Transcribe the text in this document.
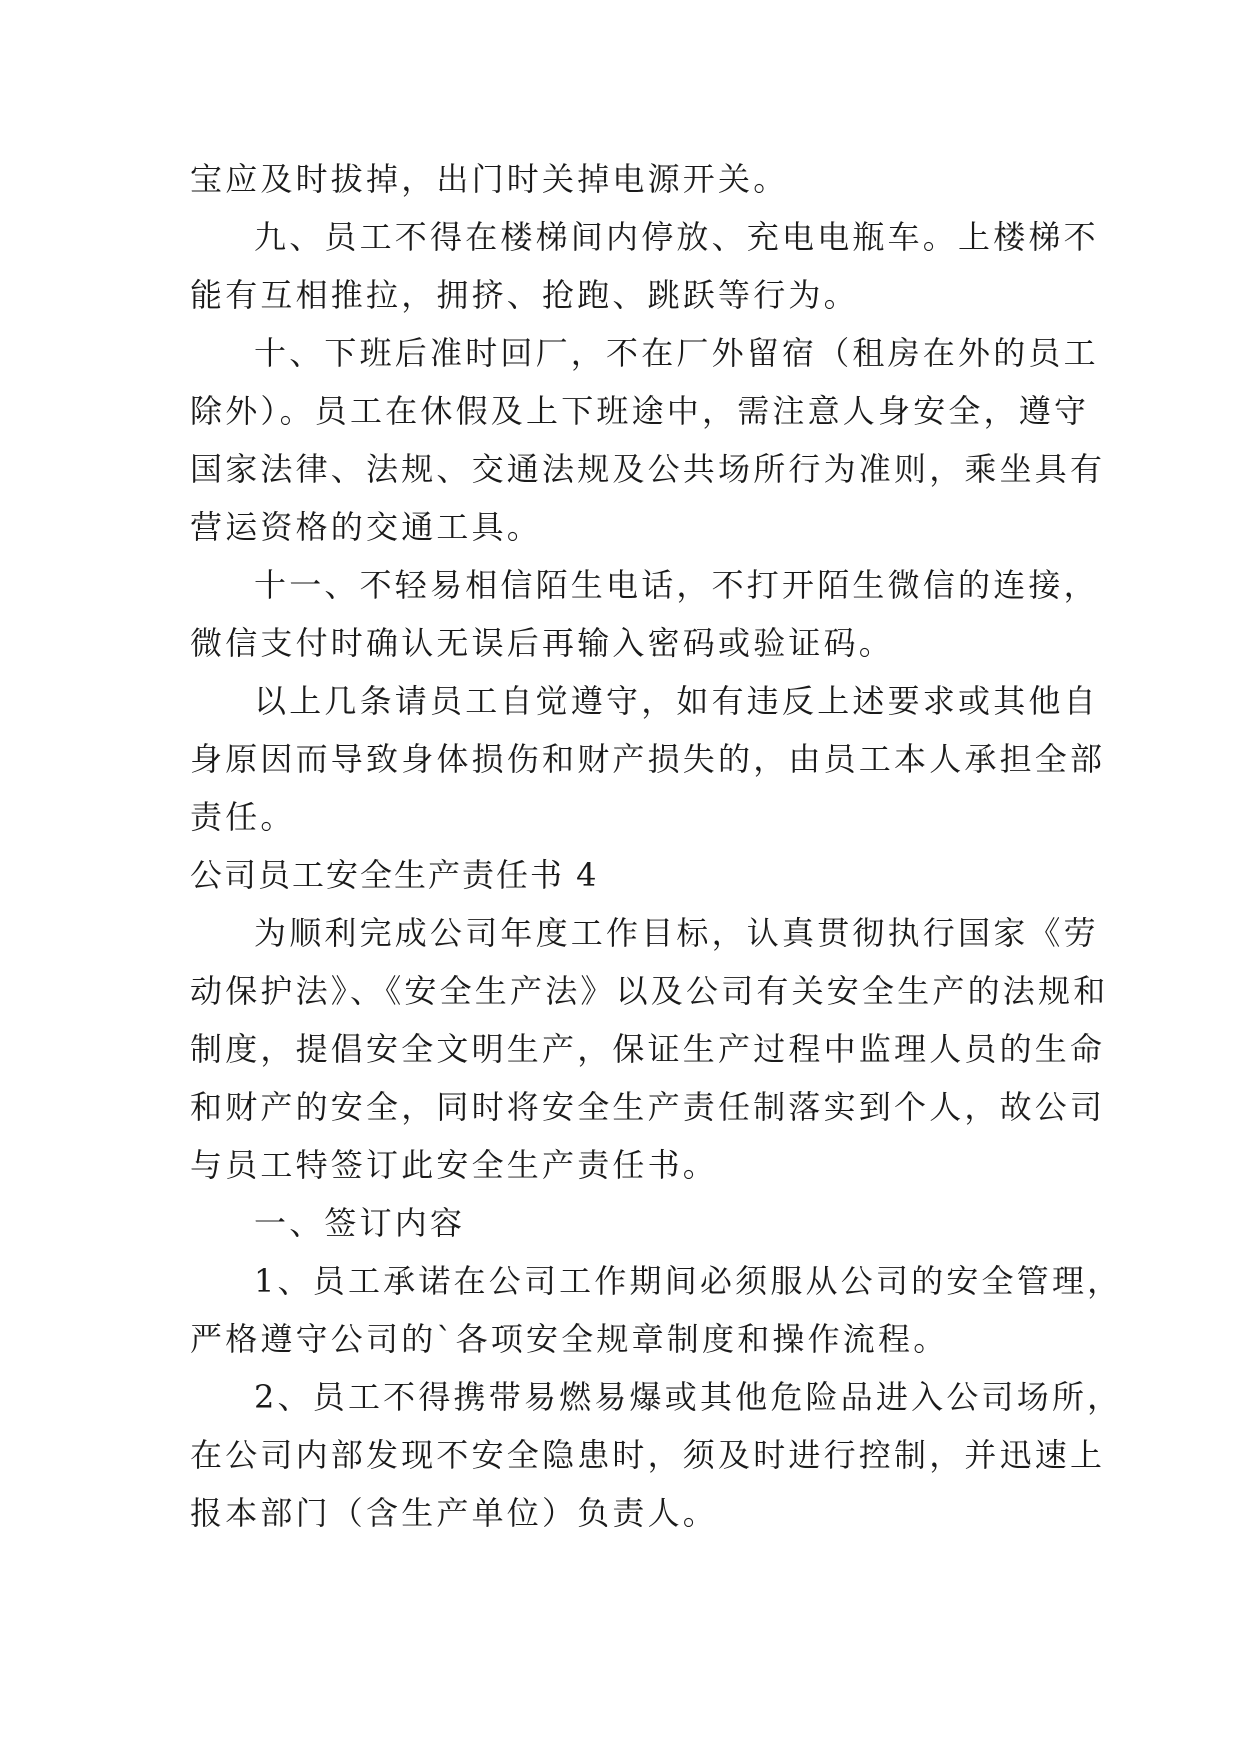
宝应及时拔掉，出门时关掉电源开关。
九、员工不得在楼梯间内停放、充电电瓶车。上楼梯不
能有互相推拉，拥挤、抢跑、跳跃等行为。
十、下班后准时回厂，不在厂外留宿（租房在外的员工
除外）。员工在休假及上下班途中，需注意人身安全，遵守
国家法律、法规、交通法规及公共场所行为准则，乘坐具有
营运资格的交通工具。
十一、不轻易相信陌生电话，不打开陌生微信的连接，
微信支付时确认无误后再输入密码或验证码。
以上几条请员工自觉遵守，如有违反上述要求或其他自
身原因而导致身体损伤和财产损失的，由员工本人承担全部
责任。
公司员工安全生产责任书 4
为顺利完成公司年度工作目标，认真贯彻执行国家《劳
动保护法》、《安全生产法》以及公司有关安全生产的法规和
制度，提倡安全文明生产，保证生产过程中监理人员的生命
和财产的安全，同时将安全生产责任制落实到个人，故公司
与员工特签订此安全生产责任书。
一、签订内容
1、员工承诺在公司工作期间必须服从公司的安全管理，
严格遵守公司的`各项安全规章制度和操作流程。
2、员工不得携带易燃易爆或其他危险品进入公司场所，
在公司内部发现不安全隐患时，须及时进行控制，并迅速上
报本部门（含生产单位）负责人。
